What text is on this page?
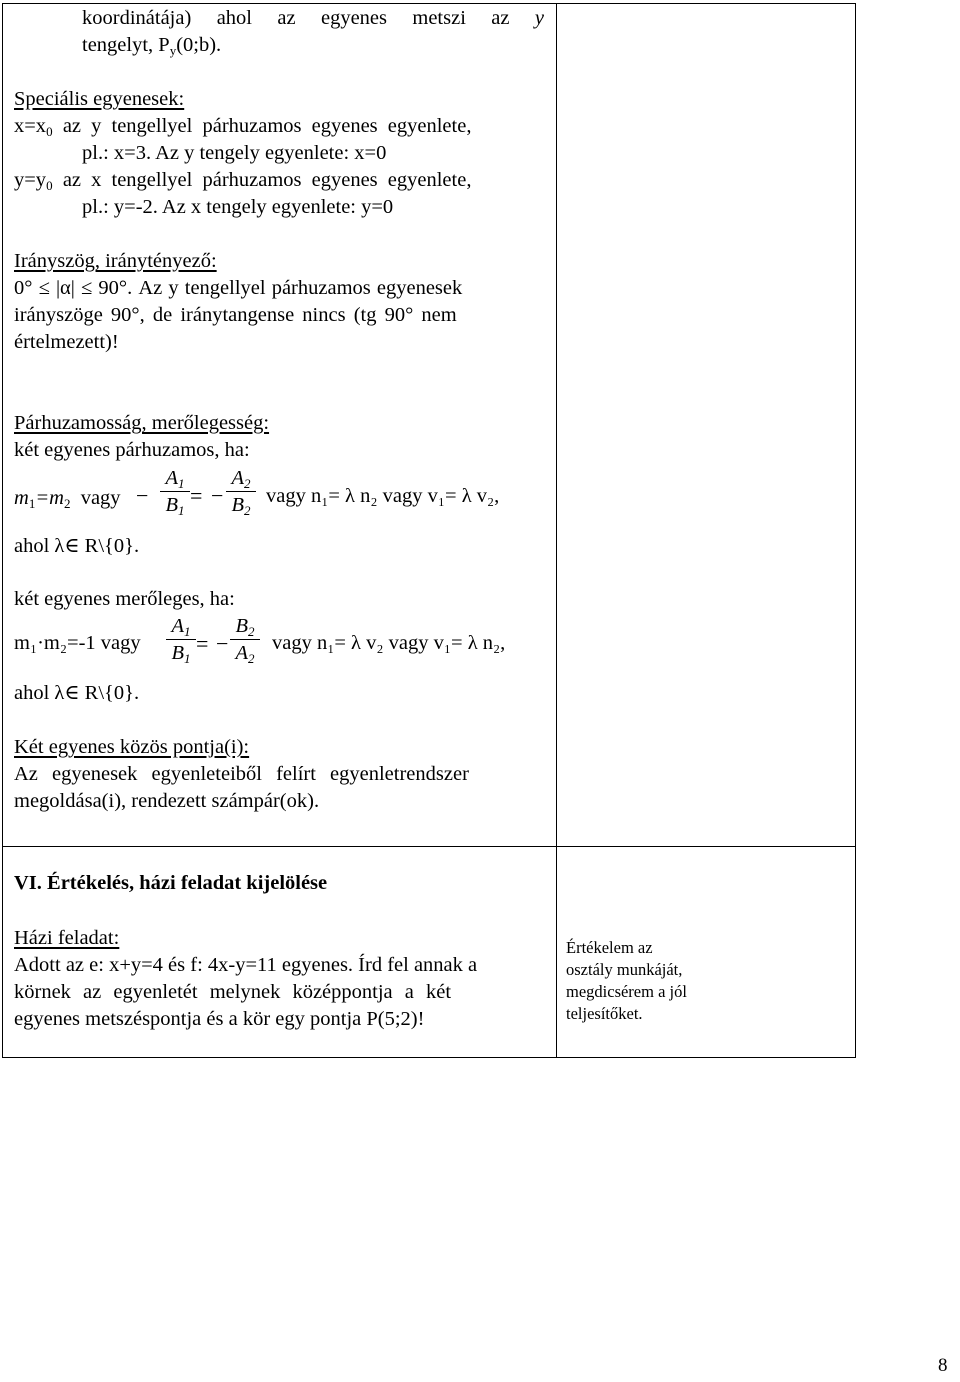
koordinátája) ahol az egyenes metszi az y
tengelyt, $P_y(0;b)$.
Speciális egyenesek:
$x=x_0$ az y tengellyel párhuzamos egyenes egyenlete,
pl.: x=3. Az y tengely egyenlete: x=0
$y=y_0$ az x tengellyel párhuzamos egyenes egyenlete,
pl.: y=-2. Az x tengely egyenlete: y=0
Irányszög, iránytényező:
0° ≤ |α| ≤ 90°. Az y tengellyel párhuzamos egyenesek
irányszöge 90°, de iránytangense nincs (tg 90° nem
értelmezett)!
Párhuzamosság, merőlegesség:
két egyenes párhuzamos, ha:
$m_1=m_2$ vagy −
$A_1$
$B_1$
= −
$A_2$
$B_2$
vagy n₁= λ n₂ vagy v₁= λ v₂,
ahol λ∈ R\{0}.
két egyenes merőleges, ha:
m₁·m₂=-1 vagy
$A_1$
$B_1$
= −
$B_2$
$A_2$
vagy n₁= λ v₂ vagy v₁= λ n₂,
ahol λ∈ R\{0}.
Két egyenes közös pontja(i):
Az egyenesek egyenleteiből felírt egyenletrendszer
megoldása(i), rendezett számpár(ok).
VI. Értékelés, házi feladat kijelölése
Házi feladat:
Adott az e: x+y=4 és f: 4x-y=11 egyenes. Írd fel annak a
körnek az egyenletét melynek középpontja a két
egyenes metszéspontja és a kör egy pontja P(5;2)!
Értékelem az
osztály munkáját,
megdicsérem a jól
teljesítőket.
8
